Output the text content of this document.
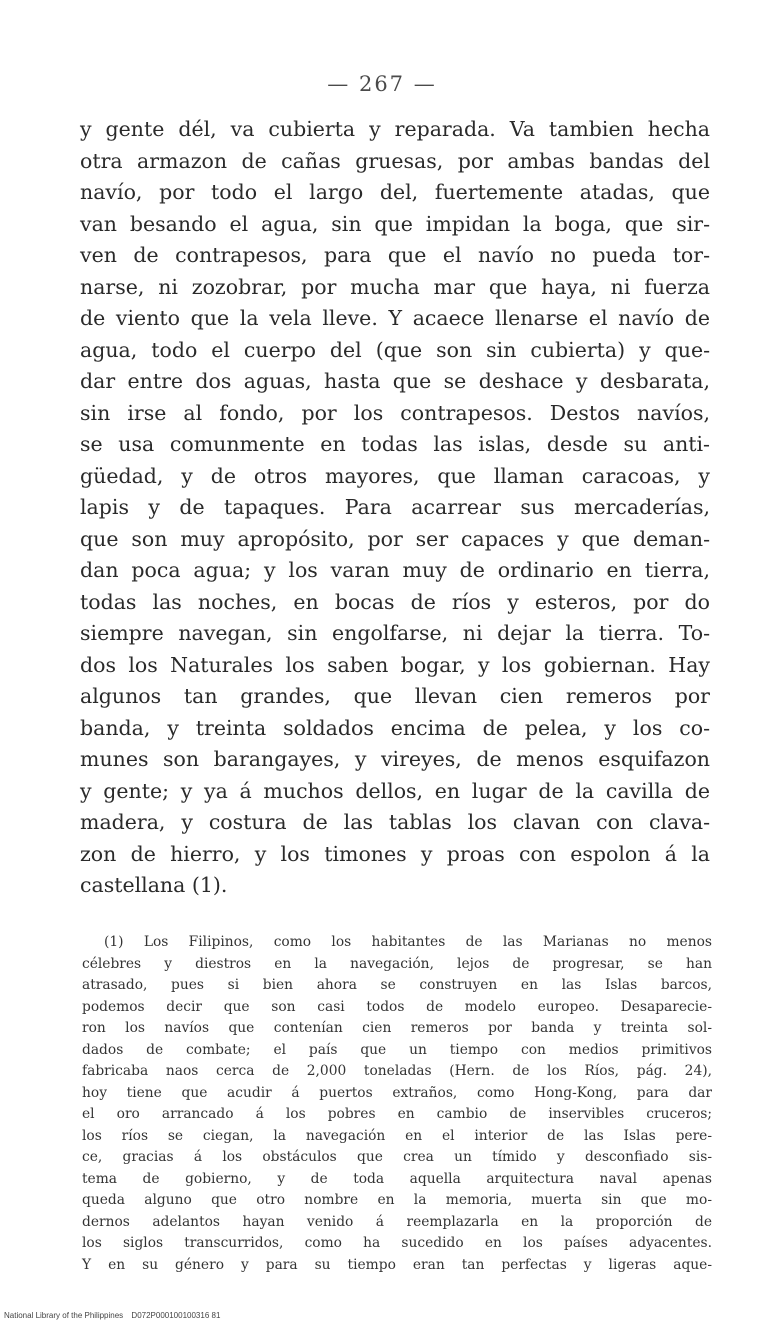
— 267 —
y gente dél, va cubierta y reparada. Va tambien hecha
otra armazon de cañas gruesas, por ambas bandas del
navío, por todo el largo del, fuertemente atadas, que
van besando el agua, sin que impidan la boga, que sir-
ven de contrapesos, para que el navío no pueda tor-
narse, ni zozobrar, por mucha mar que haya, ni fuerza
de viento que la vela lleve. Y acaece llenarse el navío de
agua, todo el cuerpo del (que son sin cubierta) y que-
dar entre dos aguas, hasta que se deshace y desbarata,
sin irse al fondo, por los contrapesos. Destos navíos,
se usa comunmente en todas las islas, desde su anti-
güedad, y de otros mayores, que llaman caracoas, y
lapis y de tapaques. Para acarrear sus mercaderías,
que son muy apropósito, por ser capaces y que deman-
dan poca agua; y los varan muy de ordinario en tierra,
todas las noches, en bocas de ríos y esteros, por do
siempre navegan, sin engolfarse, ni dejar la tierra. To-
dos los Naturales los saben bogar, y los gobiernan. Hay
algunos tan grandes, que llevan cien remeros por
banda, y treinta soldados encima de pelea, y los co-
munes son barangayes, y vireyes, de menos esquifazon
y gente; y ya á muchos dellos, en lugar de la cavilla de
madera, y costura de las tablas los clavan con clava-
zon de hierro, y los timones y proas con espolon á la
castellana (1).
(1) Los Filipinos, como los habitantes de las Marianas no menos
célebres y diestros en la navegación, lejos de progresar, se han
atrasado, pues si bien ahora se construyen en las Islas barcos,
podemos decir que son casi todos de modelo europeo. Desaparecie-
ron los navíos que contenían cien remeros por banda y treinta sol-
dados de combate; el país que un tiempo con medios primitivos
fabricaba naos cerca de 2,000 toneladas (Hern. de los Ríos, pág. 24),
hoy tiene que acudir á puertos extraños, como Hong-Kong, para dar
el oro arrancado á los pobres en cambio de inservibles cruceros;
los ríos se ciegan, la navegación en el interior de las Islas pere-
ce, gracias á los obstáculos que crea un tímido y desconfiado sis-
tema de gobierno, y de toda aquella arquitectura naval apenas
queda alguno que otro nombre en la memoria, muerta sin que mo-
dernos adelantos hayan venido á reemplazarla en la proporción de
los siglos transcurridos, como ha sucedido en los países adyacentes.
Y en su género y para su tiempo eran tan perfectas y ligeras aque-
National Library of the Philippines D072P000100100316 81
